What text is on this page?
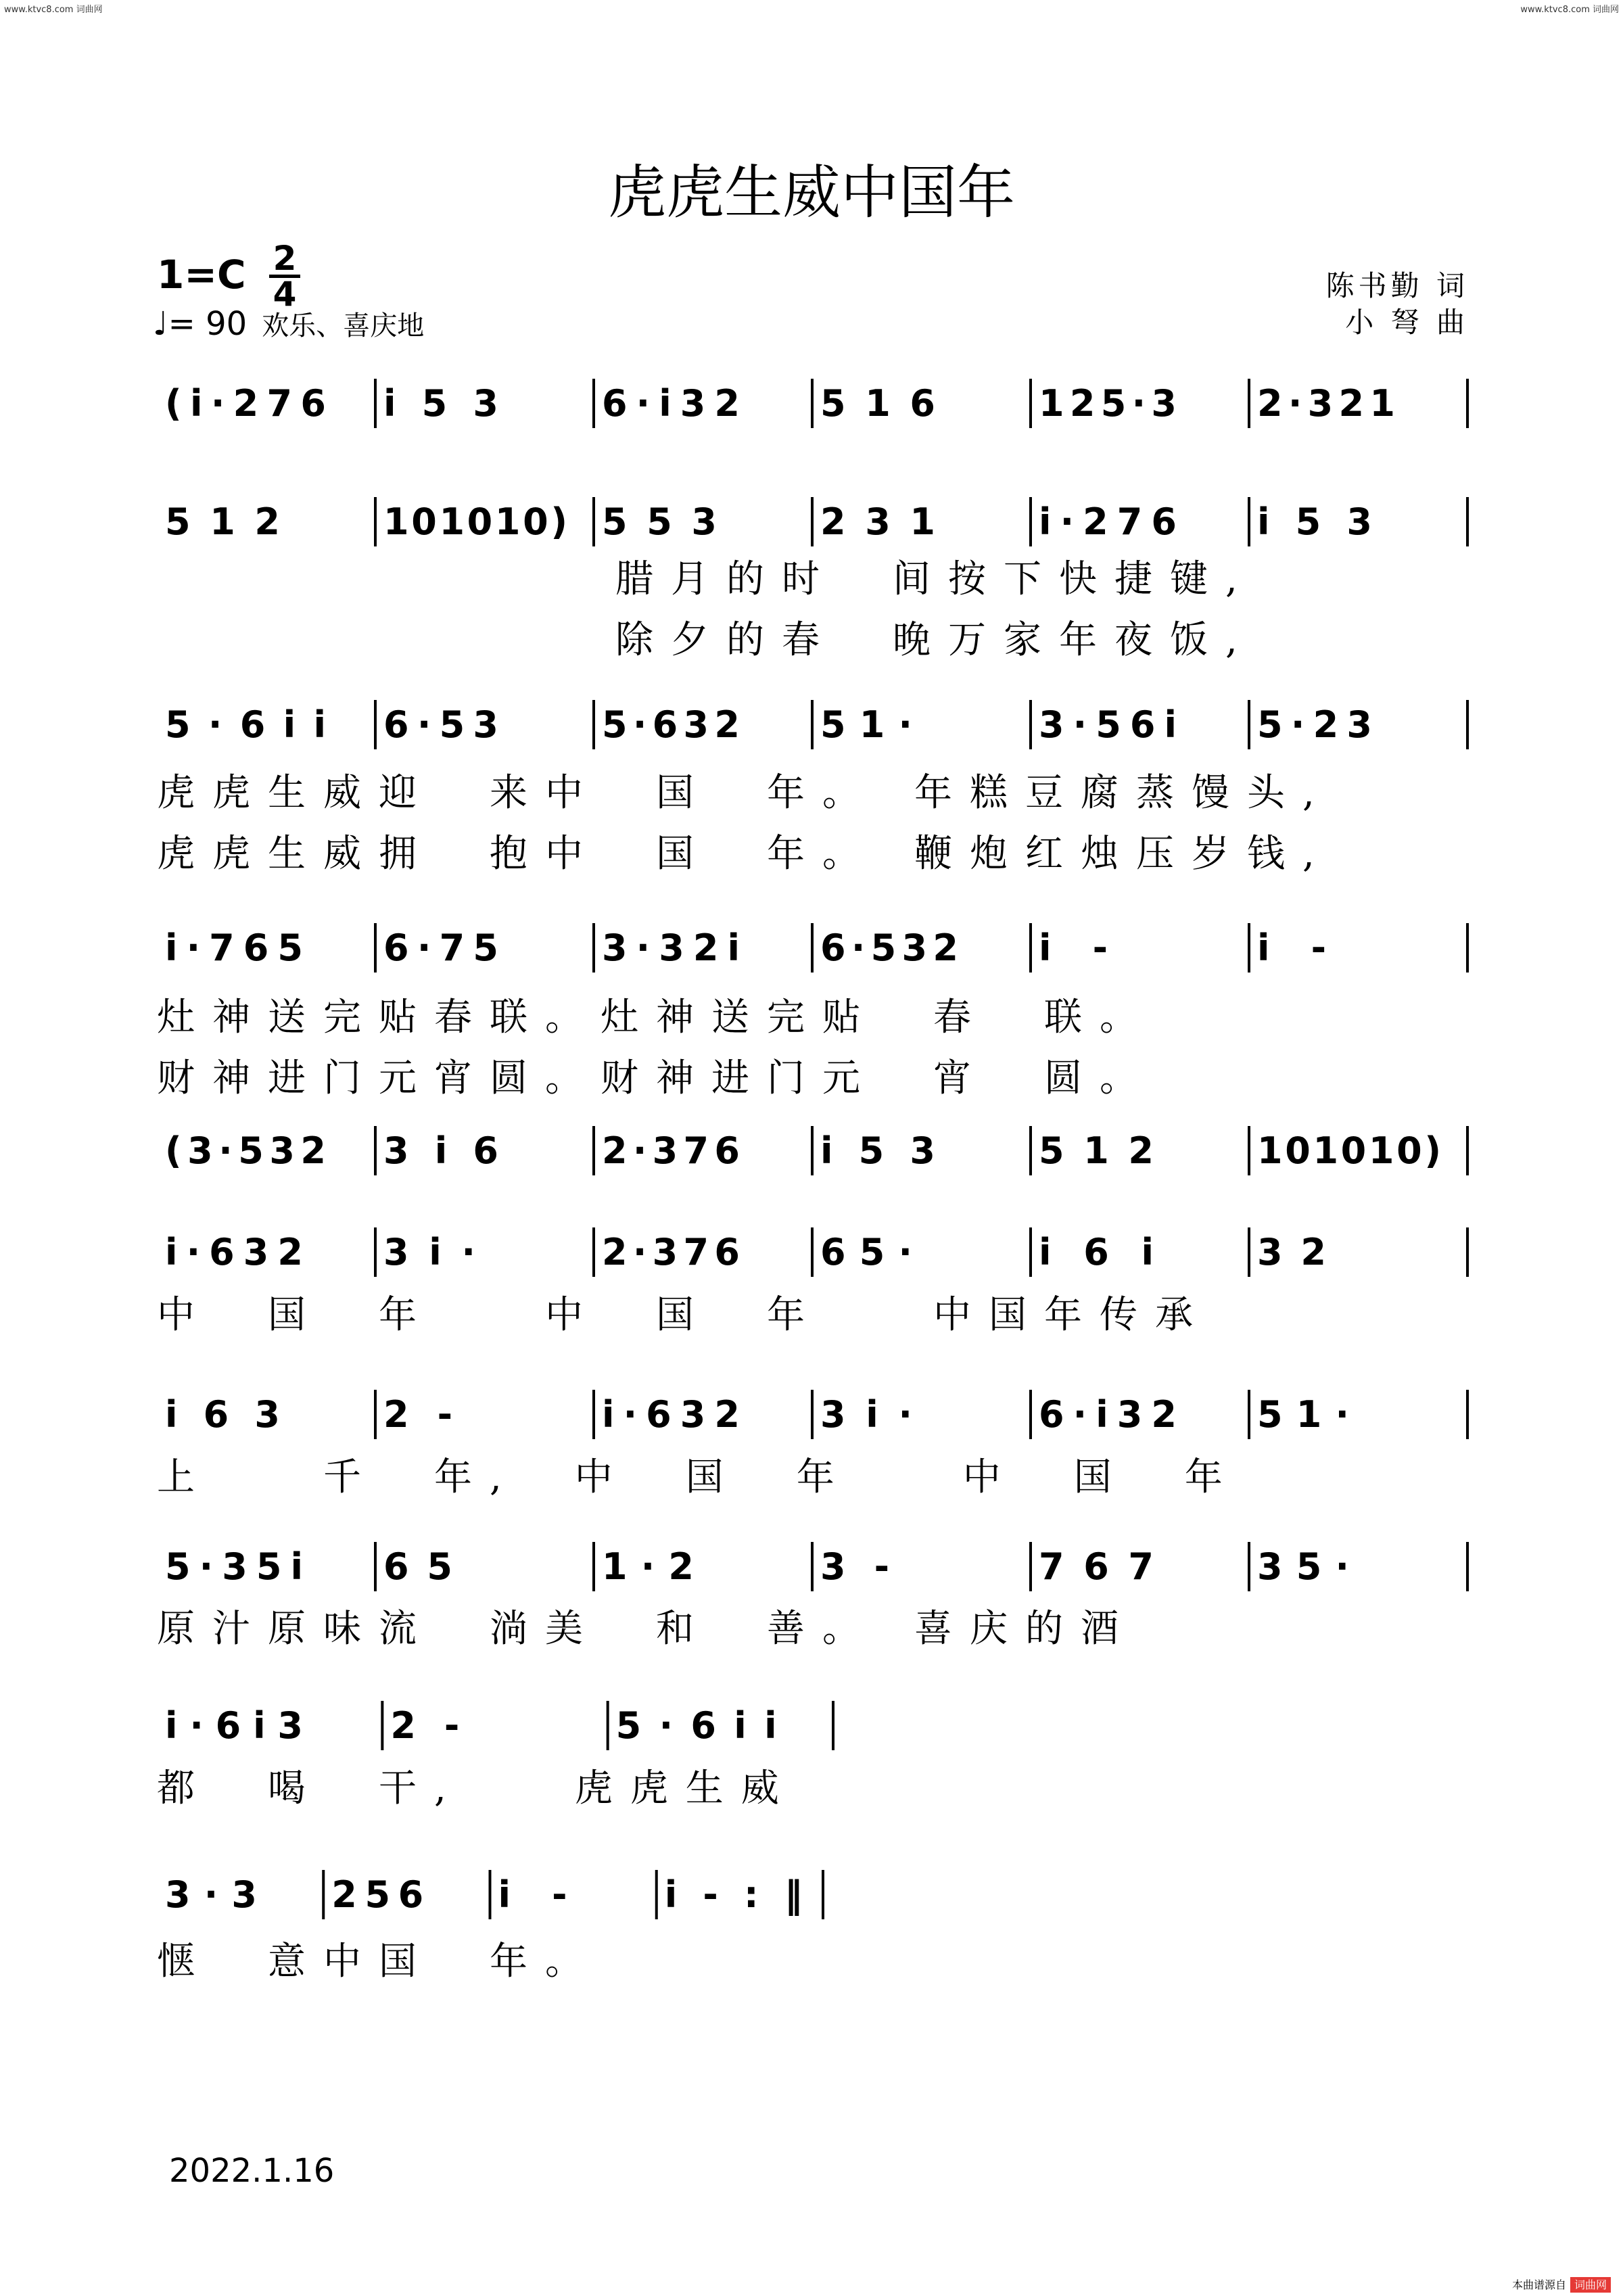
www.ktvc8.com 词曲网	www.ktvc8.com 词曲网
虎虎生威中国年
1=C 2
4
♩= 90 欢乐、喜庆地
陈书勤 词
小 弩 曲
( i · 2 7 6 i 5 3	6 · i 3 2 5 1 6	1 2 5 · 3 2 · 3 2 1
5 1 2	1 0 1 0 1 0 ) 5 5 3	2 3 1	i · 2 7 6 i 5 3
5 · 6 i i 6 · 5 3	5 · 6 3 2 5 1 ·	3 · 5 6 i 5 · 2 3
i · 7 6 5 6 · 7 5	3 · 3 2 i 6 · 5 3 2 i -	i -
( 3 · 5 3 2 3 i 6	2 · 3 7 6 i 5 3	5 1 2	1 0 1 0 1 0 )
i · 6 3 2 3 i ·	2 · 3 7 6 6 5 ·	i 6 i	3 2
i 6 3	2 -	i · 6 3 2 3 i ·	6 · i 3 2 5 1 ·
5 · 3 5 i 6 5	1 · 2	3 -	7 6 7	3 5 ·
i · 6 i 3 2 -	5 · 6 i i
3 · 3 2 5 6 i -	i - : ‖
腊月的时　间按下快捷键,
除夕的春　晚万家年夜饭,
虎虎生威迎　来中　国　年。　年糕豆腐蒸馒头,
虎虎生威拥　抱中　国　年。　鞭炮红烛压岁钱,
灶神送完贴春联。灶神送完贴　春　联。
财神进门元宵圆。财神进门元　宵　圆。
中　国　年　　中　国　年　　中国年传承
上　　千　年,　中　国　年　　中　国　年
原汁原味流　淌美　和　善。　喜庆的酒
都　喝　干,　　虎虎生威
惬　意中国　年。
2022.1.16
本曲谱源自 词曲网
